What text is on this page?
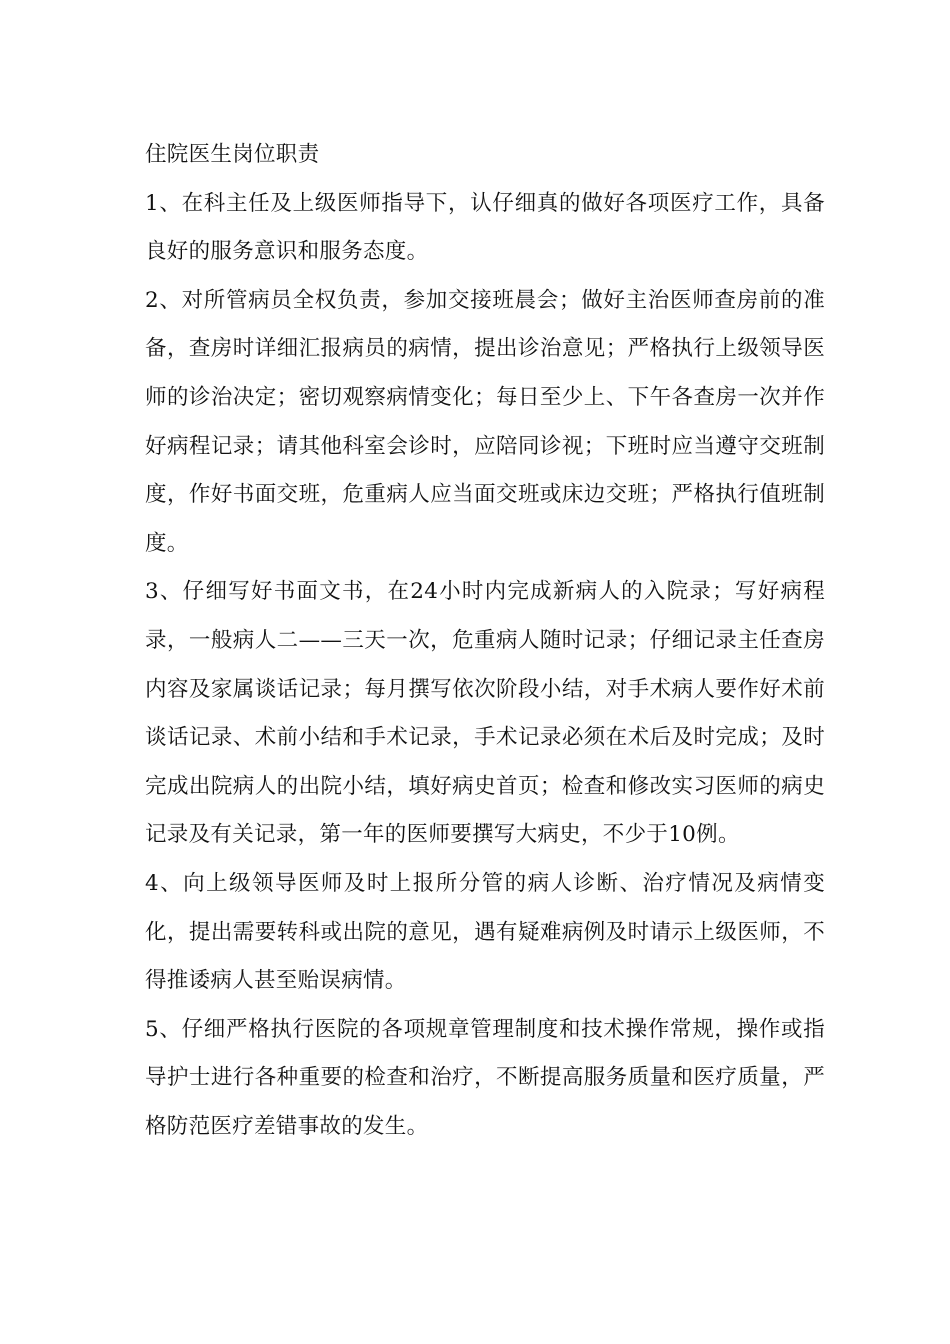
住院医生岗位职责

1、在科主任及上级医师指导下，认仔细真的做好各项医疗工作，具备良好的服务意识和服务态度。

2、对所管病员全权负责，参加交接班晨会；做好主治医师查房前的准备，查房时详细汇报病员的病情，提出诊治意见；严格执行上级领导医师的诊治决定；密切观察病情变化；每日至少上、下午各查房一次并作好病程记录；请其他科室会诊时，应陪同诊视；下班时应当遵守交班制度，作好书面交班，危重病人应当面交班或床边交班；严格执行值班制度。

3、仔细写好书面文书，在24小时内完成新病人的入院录；写好病程录，一般病人二——三天一次，危重病人随时记录；仔细记录主任查房内容及家属谈话记录；每月撰写依次阶段小结，对手术病人要作好术前谈话记录、术前小结和手术记录，手术记录必须在术后及时完成；及时完成出院病人的出院小结，填好病史首页；检查和修改实习医师的病史记录及有关记录，第一年的医师要撰写大病史，不少于10例。

4、向上级领导医师及时上报所分管的病人诊断、治疗情况及病情变化，提出需要转科或出院的意见，遇有疑难病例及时请示上级医师，不得推诿病人甚至贻误病情。

5、仔细严格执行医院的各项规章管理制度和技术操作常规，操作或指导护士进行各种重要的检查和治疗，不断提高服务质量和医疗质量，严格防范医疗差错事故的发生。
